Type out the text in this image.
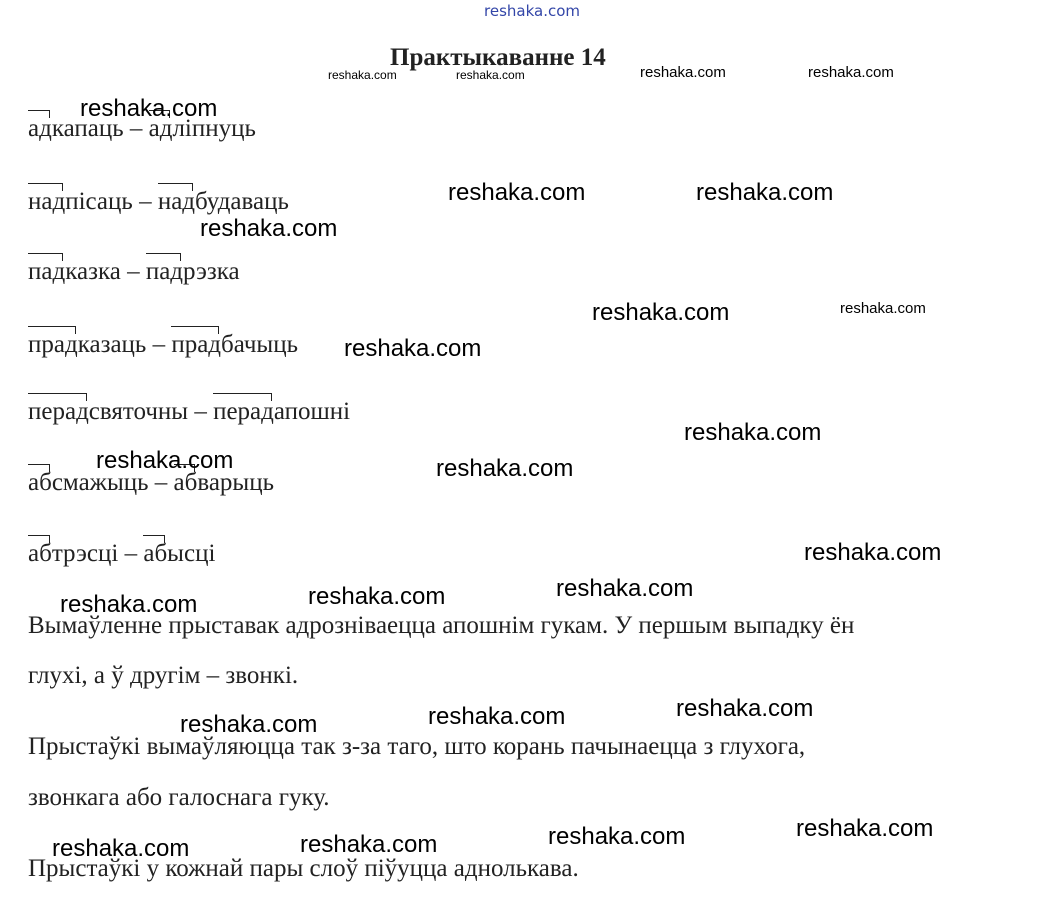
reshaka.com
Практыкаванне 14
адкапаць – адліпнуць
надпісаць – надбудаваць
падказка – падрэзка
прадказаць – прадбачыць
перадсвяточны – перадапошні
абсмажыць – абварыць
абтрэсці – абысці
Вымаўленне прыставак адрозніваецца апошнім гукам. У першым выпадку ён
глухі, а ў другім – звонкі.
Прыстаўкі вымаўляюцца так з-за таго, што корань пачынаецца з глухога,
звонкага або галоснага гуку.
Прыстаўкі у кожнай пары слоў піўуцца аднолькава.
reshaka.com	reshaka.com	reshaka.com	reshaka.com
reshaka.com
reshaka.com	reshaka.com
reshaka.com
reshaka.com	reshaka.com
reshaka.com
reshaka.com
reshaka.com	reshaka.com
reshaka.com
reshaka.com
reshaka.com
reshaka.com
reshaka.com
reshaka.com
reshaka.com
reshaka.com
reshaka.com
reshaka.com
reshaka.com
